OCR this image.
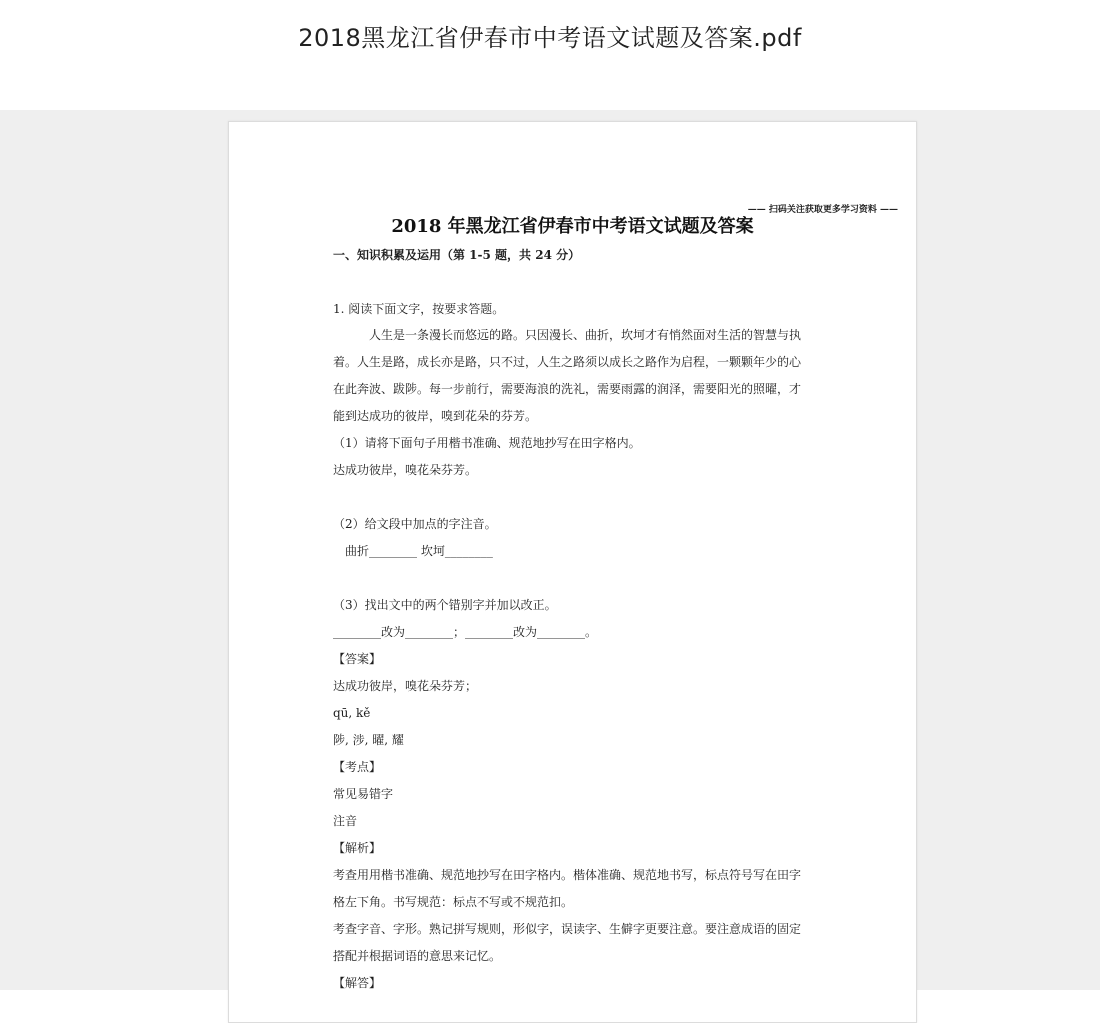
2018黑龙江省伊春市中考语文试题及答案.pdf
—— 扫码关注获取更多学习资料 ——
2018 年黑龙江省伊春市中考语文试题及答案
一、知识积累及运用（第 1-5 题，共 24 分）
1. 阅读下面文字，按要求答题。
人生是一条漫长而悠远的路。只因漫长、曲折，坎坷才有悄然面对生活的智慧与执
着。人生是路，成长亦是路，只不过，人生之路须以成长之路作为启程，一颗颗年少的心
在此奔波、跋陟。每一步前行，需要海浪的洗礼，需要雨露的润泽，需要阳光的照曜，才
能到达成功的彼岸，嗅到花朵的芬芳。
（1）请将下面句子用楷书准确、规范地抄写在田字格内。
达成功彼岸，嗅花朵芬芳。
（2）给文段中加点的字注音。
曲折________ 坎坷________
（3）找出文中的两个错别字并加以改正。
________改为________；________改为________。
【答案】
达成功彼岸，嗅花朵芬芳；
qū, kě
陟, 涉, 曜, 耀
【考点】
常见易错字
注音
【解析】
考查用用楷书准确、规范地抄写在田字格内。楷体准确、规范地书写，标点符号写在田字
格左下角。书写规范：标点不写或不规范扣。
考查字音、字形。熟记拼写规则，形似字，误读字、生僻字更要注意。要注意成语的固定
搭配并根据词语的意思来记忆。
【解答】
